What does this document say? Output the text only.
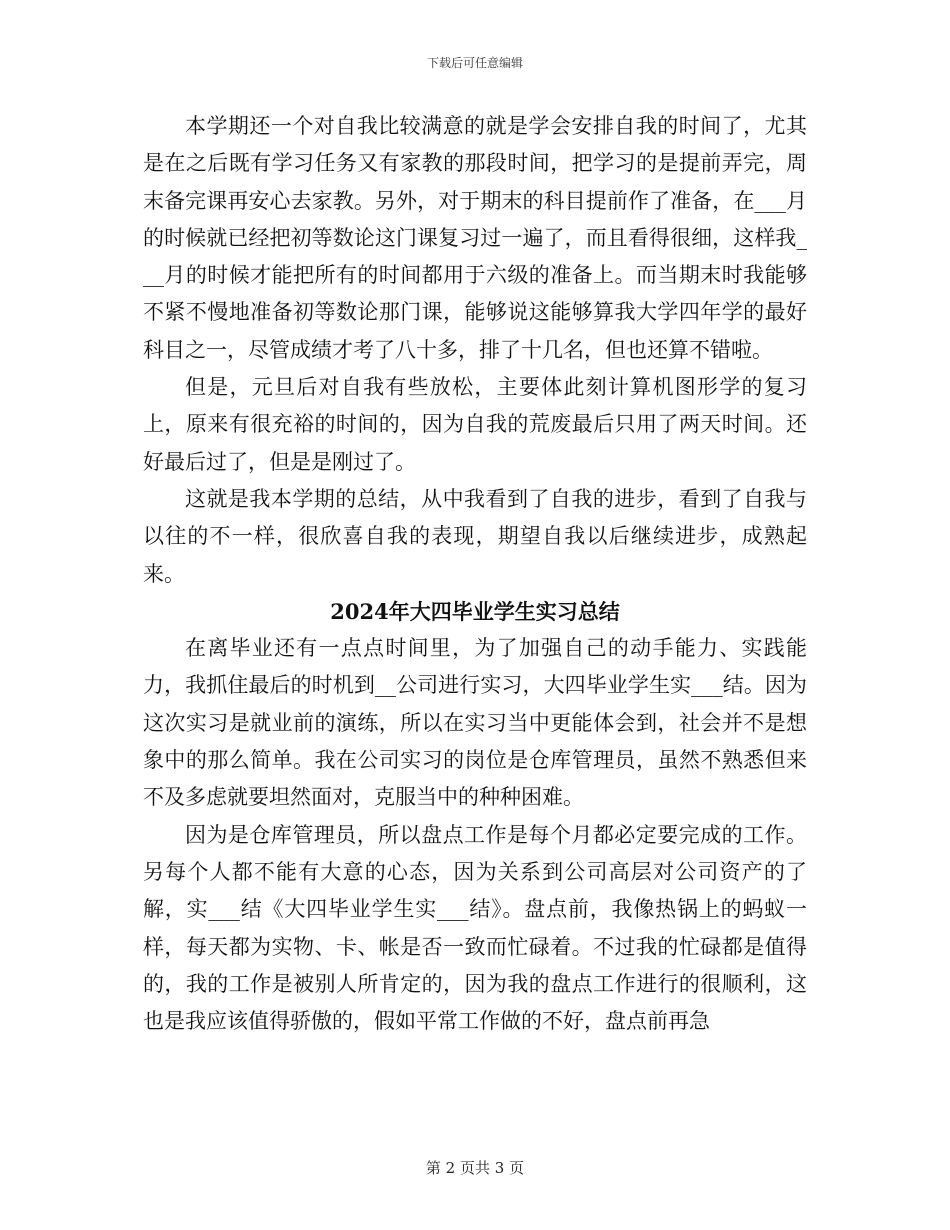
下载后可任意编辑

本学期还一个对自我比较满意的就是学会安排自我的时间了，尤其是在之后既有学习任务又有家教的那段时间，把学习的是提前弄完，周末备完课再安心去家教。另外，对于期末的科目提前作了准备，在___月的时候就已经把初等数论这门课复习过一遍了，而且看得很细，这样我___月的时候才能把所有的时间都用于六级的准备上。而当期末时我能够不紧不慢地准备初等数论那门课，能够说这能够算我大学四年学的最好科目之一，尽管成绩才考了八十多，排了十几名，但也还算不错啦。

但是，元旦后对自我有些放松，主要体此刻计算机图形学的复习上，原来有很充裕的时间的，因为自我的荒废最后只用了两天时间。还好最后过了，但是是刚过了。

这就是我本学期的总结，从中我看到了自我的进步，看到了自我与以往的不一样，很欣喜自我的表现，期望自我以后继续进步，成熟起来。

2024年大四毕业学生实习总结

在离毕业还有一点点时间里，为了加强自己的动手能力、实践能力，我抓住最后的时机到__公司进行实习，大四毕业学生实___结。因为这次实习是就业前的演练，所以在实习当中更能体会到，社会并不是想象中的那么简单。我在公司实习的岗位是仓库管理员，虽然不熟悉但来不及多虑就要坦然面对，克服当中的种种困难。

因为是仓库管理员，所以盘点工作是每个月都必定要完成的工作。另每个人都不能有大意的心态，因为关系到公司高层对公司资产的了解，实___结《大四毕业学生实___结》。盘点前，我像热锅上的蚂蚁一样，每天都为实物、卡、帐是否一致而忙碌着。不过我的忙碌都是值得的，我的工作是被别人所肯定的，因为我的盘点工作进行的很顺利，这也是我应该值得骄傲的，假如平常工作做的不好，盘点前再急

第 2 页共 3 页
